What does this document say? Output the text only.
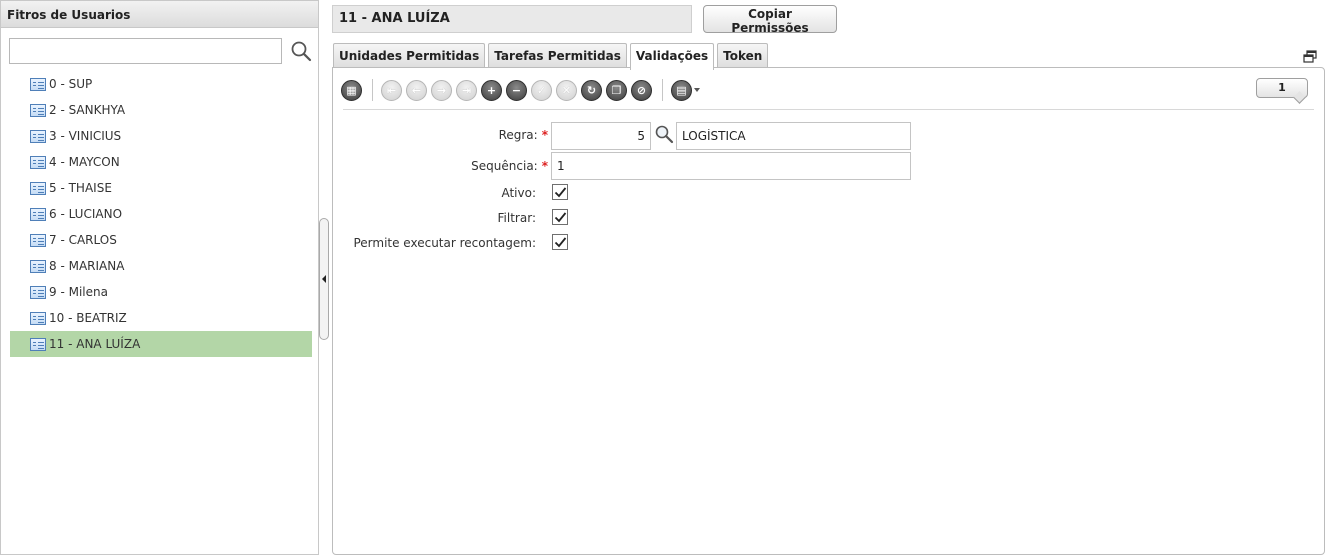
Fitros de Usuarios
0 - SUP
2 - SANKHYA
3 - VINICIUS
4 - MAYCON
5 - THAISE
6 - LUCIANO
7 - CARLOS
8 - MARIANA
9 - Milena
10 - BEATRIZ
11 - ANA LUÍZA
11 - ANA LUÍZA	Copiar Permissões
Unidades Permitidas	Tarefas Permitidas	Validações	Token
▦	⇤	←	→	⇥	+	−	✓	✕	↻	❐	⊘	▤	1
Regra: *
5
LOGÍSTICA
Sequência: *
1
Ativo:
Filtrar:
Permite executar recontagem:
